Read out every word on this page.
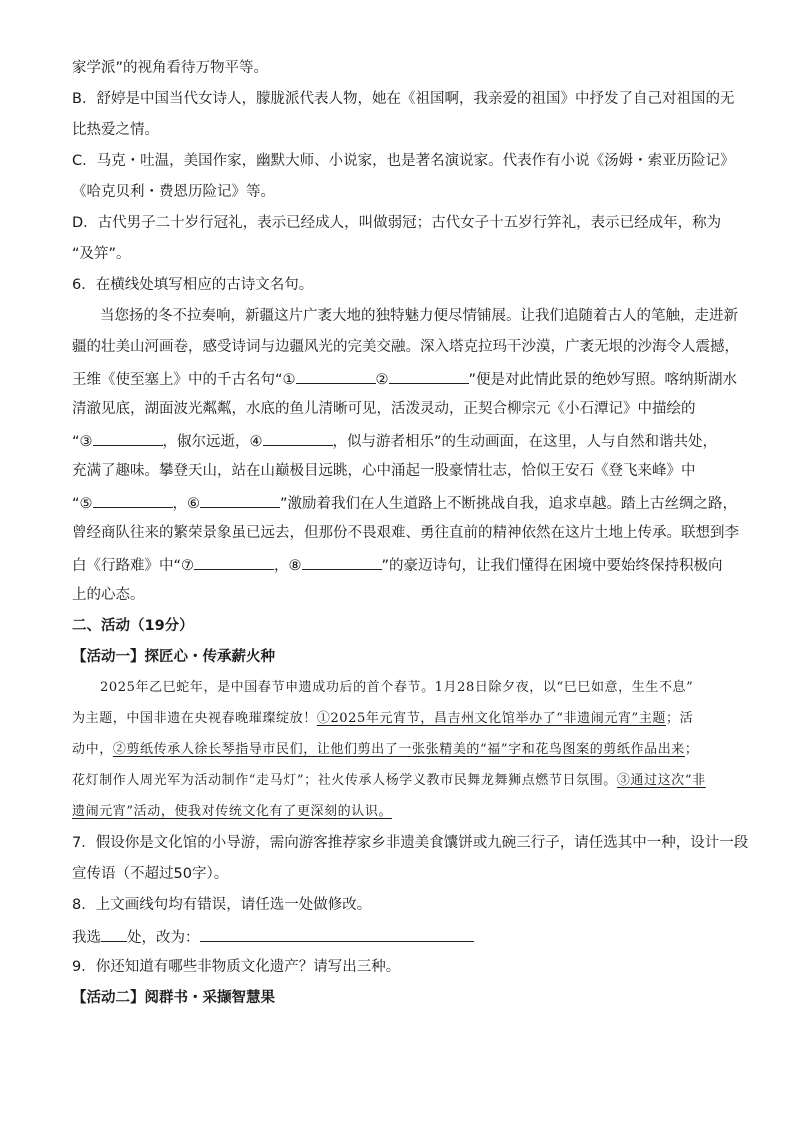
家学派”的视角看待万物平等。
B．舒婷是中国当代女诗人，朦胧派代表人物，她在《祖国啊，我亲爱的祖国》中抒发了自己对祖国的无
比热爱之情。
C．马克・吐温，美国作家，幽默大师、小说家，也是著名演说家。代表作有小说《汤姆・索亚历险记》
《哈克贝利・费恩历险记》等。
D．古代男子二十岁行冠礼，表示已经成人，叫做弱冠；古代女子十五岁行笄礼，表示已经成年，称为
“及笄”。
6．在横线处填写相应的古诗文名句。
当您扬的冬不拉奏响，新疆这片广袤大地的独特魅力便尽情铺展。让我们追随着古人的笔触，走进新
疆的壮美山河画卷，感受诗词与边疆风光的完美交融。深入塔克拉玛干沙漠，广袤无垠的沙海令人震撼，
王维《使至塞上》中的千古名句“①	②	”便是对此情此景的绝妙写照。喀纳斯湖水
清澈见底，湖面波光粼粼，水底的鱼儿清晰可见，活泼灵动，正契合柳宗元《小石潭记》中描绘的
“③	，俶尔远逝，④	，似与游者相乐”的生动画面，在这里，人与自然和谐共处，
充满了趣味。攀登天山，站在山巅极目远眺，心中涌起一股豪情壮志，恰似王安石《登飞来峰》中
“⑤	，⑥	”激励着我们在人生道路上不断挑战自我，追求卓越。踏上古丝绸之路，
曾经商队往来的繁荣景象虽已远去，但那份不畏艰难、勇往直前的精神依然在这片土地上传承。联想到李
白《行路难》中“⑦	，⑧	”的豪迈诗句，让我们懂得在困境中要始终保持积极向
上的心态。
二、活动（19分）
【活动一】探匠心・传承薪火种
2025年乙巳蛇年，是中国春节申遗成功后的首个春节。1月28日除夕夜，以“巳巳如意，生生不息”
为主题，中国非遗在央视春晚璀璨绽放！①2025年元宵节，昌吉州文化馆举办了“非遗闹元宵”主题；活
动中，②剪纸传承人徐长琴指导市民们，让他们剪出了一张张精美的“福”字和花鸟图案的剪纸作品出来；
花灯制作人周光军为活动制作“走马灯”；社火传承人杨学义教市民舞龙舞狮点燃节日氛围。③通过这次“非
遗闹元宵”活动，使我对传统文化有了更深刻的认识。
7．假设你是文化馆的小导游，需向游客推荐家乡非遗美食馕饼或九碗三行子，请任选其中一种，设计一段
宣传语（不超过50字）。
8．上文画线句均有错误，请任选一处做修改。
我选 处，改为：
9．你还知道有哪些非物质文化遗产？请写出三种。
【活动二】阅群书・采撷智慧果
